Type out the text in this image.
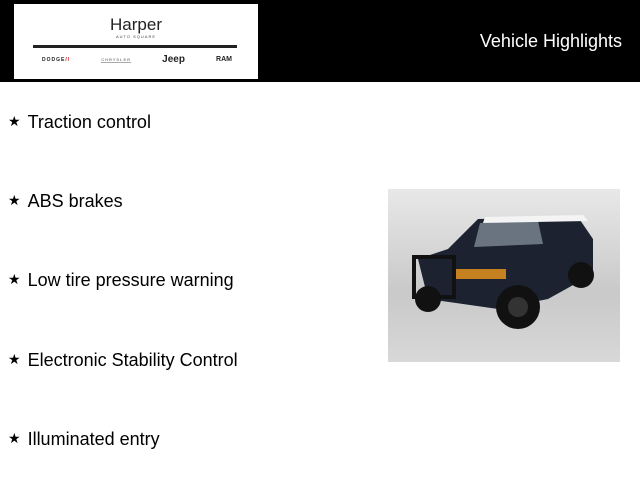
Harper
AUTO SQUARE
DODGE//	CHRYSLER	Jeep	RAM
Vehicle Highlights
★ Traction control
★ ABS brakes
★ Low tire pressure warning
★ Electronic Stability Control
★ Illuminated entry
